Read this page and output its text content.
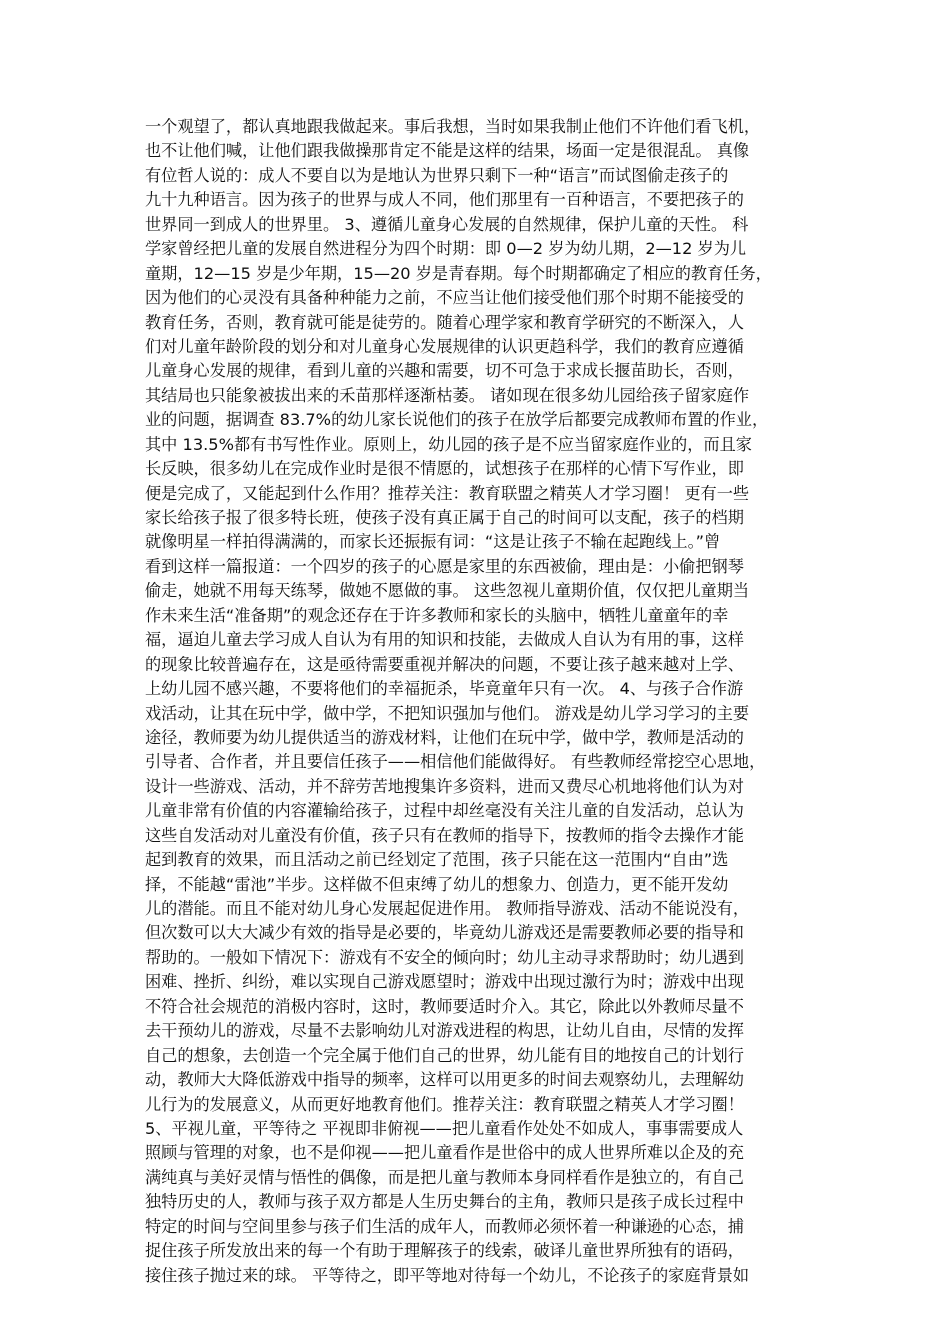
一个观望了，都认真地跟我做起来。事后我想，当时如果我制止他们不许他们看飞机，
也不让他们喊，让他们跟我做操那肯定不能是这样的结果，场面一定是很混乱。 真像
有位哲人说的：成人不要自以为是地认为世界只剩下一种“语言”而试图偷走孩子的
九十九种语言。因为孩子的世界与成人不同，他们那里有一百种语言，不要把孩子的
世界同一到成人的世界里。 3、遵循儿童身心发展的自然规律，保护儿童的天性。 科
学家曾经把儿童的发展自然进程分为四个时期：即 0—2 岁为幼儿期，2—12 岁为儿
童期，12—15 岁是少年期，15—20 岁是青春期。每个时期都确定了相应的教育任务，
因为他们的心灵没有具备种种能力之前，不应当让他们接受他们那个时期不能接受的
教育任务，否则，教育就可能是徒劳的。随着心理学家和教育学研究的不断深入，人
们对儿童年龄阶段的划分和对儿童身心发展规律的认识更趋科学，我们的教育应遵循
儿童身心发展的规律，看到儿童的兴趣和需要，切不可急于求成长揠苗助长，否则，
其结局也只能象被拔出来的禾苗那样逐渐枯萎。 诸如现在很多幼儿园给孩子留家庭作
业的问题，据调查 83.7%的幼儿家长说他们的孩子在放学后都要完成教师布置的作业，
其中 13.5%都有书写性作业。原则上，幼儿园的孩子是不应当留家庭作业的，而且家
长反映，很多幼儿在完成作业时是很不情愿的，试想孩子在那样的心情下写作业，即
便是完成了，又能起到什么作用？推荐关注：教育联盟之精英人才学习圈！ 更有一些
家长给孩子报了很多特长班，使孩子没有真正属于自己的时间可以支配，孩子的档期
就像明星一样拍得满满的，而家长还振振有词：“这是让孩子不输在起跑线上。”曾
看到这样一篇报道：一个四岁的孩子的心愿是家里的东西被偷，理由是：小偷把钢琴
偷走，她就不用每天练琴，做她不愿做的事。 这些忽视儿童期价值，仅仅把儿童期当
作未来生活“准备期”的观念还存在于许多教师和家长的头脑中，牺牲儿童童年的幸
福，逼迫儿童去学习成人自认为有用的知识和技能，去做成人自认为有用的事，这样
的现象比较普遍存在，这是亟待需要重视并解决的问题，不要让孩子越来越对上学、
上幼儿园不感兴趣，不要将他们的幸福扼杀，毕竟童年只有一次。 4、与孩子合作游
戏活动，让其在玩中学，做中学，不把知识强加与他们。 游戏是幼儿学习学习的主要
途径，教师要为幼儿提供适当的游戏材料，让他们在玩中学，做中学，教师是活动的
引导者、合作者，并且要信任孩子——相信他们能做得好。 有些教师经常挖空心思地，
设计一些游戏、活动，并不辞劳苦地搜集许多资料，进而又费尽心机地将他们认为对
儿童非常有价值的内容灌输给孩子，过程中却丝毫没有关注儿童的自发活动，总认为
这些自发活动对儿童没有价值，孩子只有在教师的指导下，按教师的指令去操作才能
起到教育的效果，而且活动之前已经划定了范围，孩子只能在这一范围内“自由”选
择，不能越“雷池”半步。这样做不但束缚了幼儿的想象力、创造力，更不能开发幼
儿的潜能。而且不能对幼儿身心发展起促进作用。 教师指导游戏、活动不能说没有，
但次数可以大大减少有效的指导是必要的，毕竟幼儿游戏还是需要教师必要的指导和
帮助的。一般如下情况下：游戏有不安全的倾向时；幼儿主动寻求帮助时；幼儿遇到
困难、挫折、纠纷，难以实现自己游戏愿望时；游戏中出现过激行为时；游戏中出现
不符合社会规范的消极内容时，这时，教师要适时介入。其它，除此以外教师尽量不
去干预幼儿的游戏，尽量不去影响幼儿对游戏进程的构思，让幼儿自由，尽情的发挥
自己的想象，去创造一个完全属于他们自己的世界，幼儿能有目的地按自己的计划行
动，教师大大降低游戏中指导的频率，这样可以用更多的时间去观察幼儿，去理解幼
儿行为的发展意义，从而更好地教育他们。推荐关注：教育联盟之精英人才学习圈！
5、平视儿童，平等待之 平视即非俯视——把儿童看作处处不如成人，事事需要成人
照顾与管理的对象，也不是仰视——把儿童看作是世俗中的成人世界所难以企及的充
满纯真与美好灵情与悟性的偶像，而是把儿童与教师本身同样看作是独立的，有自己
独特历史的人，教师与孩子双方都是人生历史舞台的主角，教师只是孩子成长过程中
特定的时间与空间里参与孩子们生活的成年人，而教师必须怀着一种谦逊的心态，捕
捉住孩子所发放出来的每一个有助于理解孩子的线索，破译儿童世界所独有的语码，
接住孩子抛过来的球。 平等待之，即平等地对待每一个幼儿，不论孩子的家庭背景如
